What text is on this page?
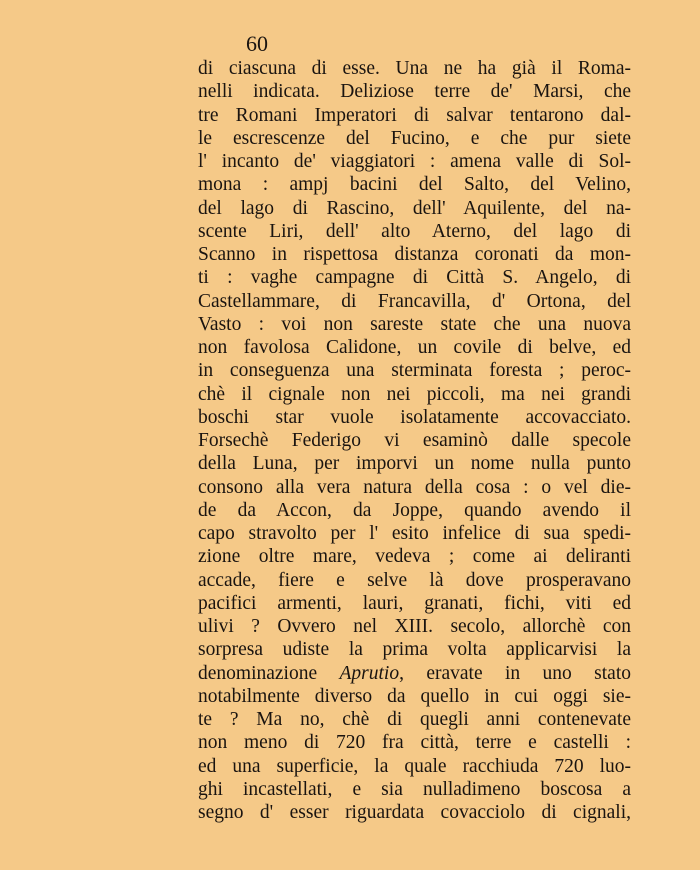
60
di ciascuna di esse. Una ne ha già il Roma-
nelli indicata. Deliziose terre de' Marsi, che
tre Romani Imperatori di salvar tentarono dal-
le escrescenze del Fucino, e che pur siete
l' incanto de' viaggiatori : amena valle di Sol-
mona : ampj bacini del Salto, del Velino,
del lago di Rascino, dell' Aquilente, del na-
scente Liri, dell' alto Aterno, del lago di
Scanno in rispettosa distanza coronati da mon-
ti : vaghe campagne di Città S. Angelo, di
Castellammare, di Francavilla, d' Ortona, del
Vasto : voi non sareste state che una nuova
non favolosa Calidone, un covile di belve, ed
in conseguenza una sterminata foresta ; peroc-
chè il cignale non nei piccoli, ma nei grandi
boschi star vuole isolatamente accovacciato.
Forsechè Federigo vi esaminò dalle specole
della Luna, per imporvi un nome nulla punto
consono alla vera natura della cosa : o vel die-
de da Accon, da Joppe, quando avendo il
capo stravolto per l' esito infelice di sua spedi-
zione oltre mare, vedeva ; come ai deliranti
accade, fiere e selve là dove prosperavano
pacifici armenti, lauri, granati, fichi, viti ed
ulivi ? Ovvero nel XIII. secolo, allorchè con
sorpresa udiste la prima volta applicarvisi la
denominazione Aprutio, eravate in uno stato
notabilmente diverso da quello in cui oggi sie-
te ? Ma no, chè di quegli anni contenevate
non meno di 720 fra città, terre e castelli :
ed una superficie, la quale racchiuda 720 luo-
ghi incastellati, e sia nulladimeno boscosa a
segno d' esser riguardata covacciolo di cignali,
